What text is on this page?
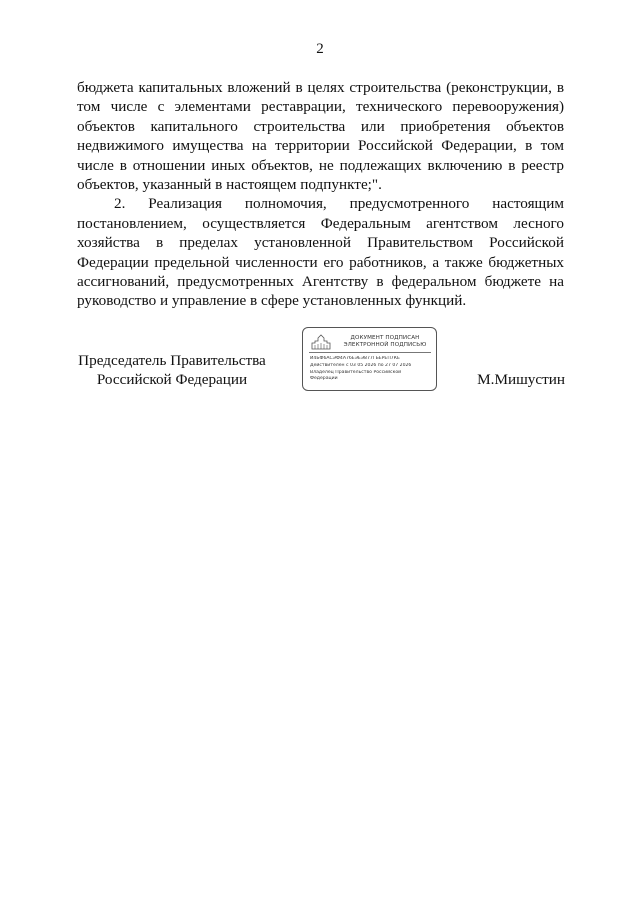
2

бюджета капитальных вложений в целях строительства (реконструкции, в том числе с элементами реставрации, технического перевооружения) объектов капитального строительства или приобретения объектов недвижимого имущества на территории Российской Федерации, в том числе в отношении иных объектов, не подлежащих включению в реестр объектов, указанный в настоящем подпункте;".

2. Реализация полномочия, предусмотренного настоящим постановлением, осуществляется Федеральным агентством лесного хозяйства в пределах установленной Правительством Российской Федерации предельной численности его работников, а также бюджетных ассигнований, предусмотренных Агентству в федеральном бюджете на руководство и управление в сфере установленных функций.

Председатель Правительства
Российской Федерации
ДОКУМЕНТ ПОДПИСАН
ЭЛЕКТРОННОЙ ПОДПИСЬЮ
И4БФ6АСЭФ4А76ЕЭЕЭ877ГБЕРЕП7КЕ
Действителен с 03 05 2026 по 27 07 2026
Владелец Правительство Российской
Федерации	М.Мишустин
